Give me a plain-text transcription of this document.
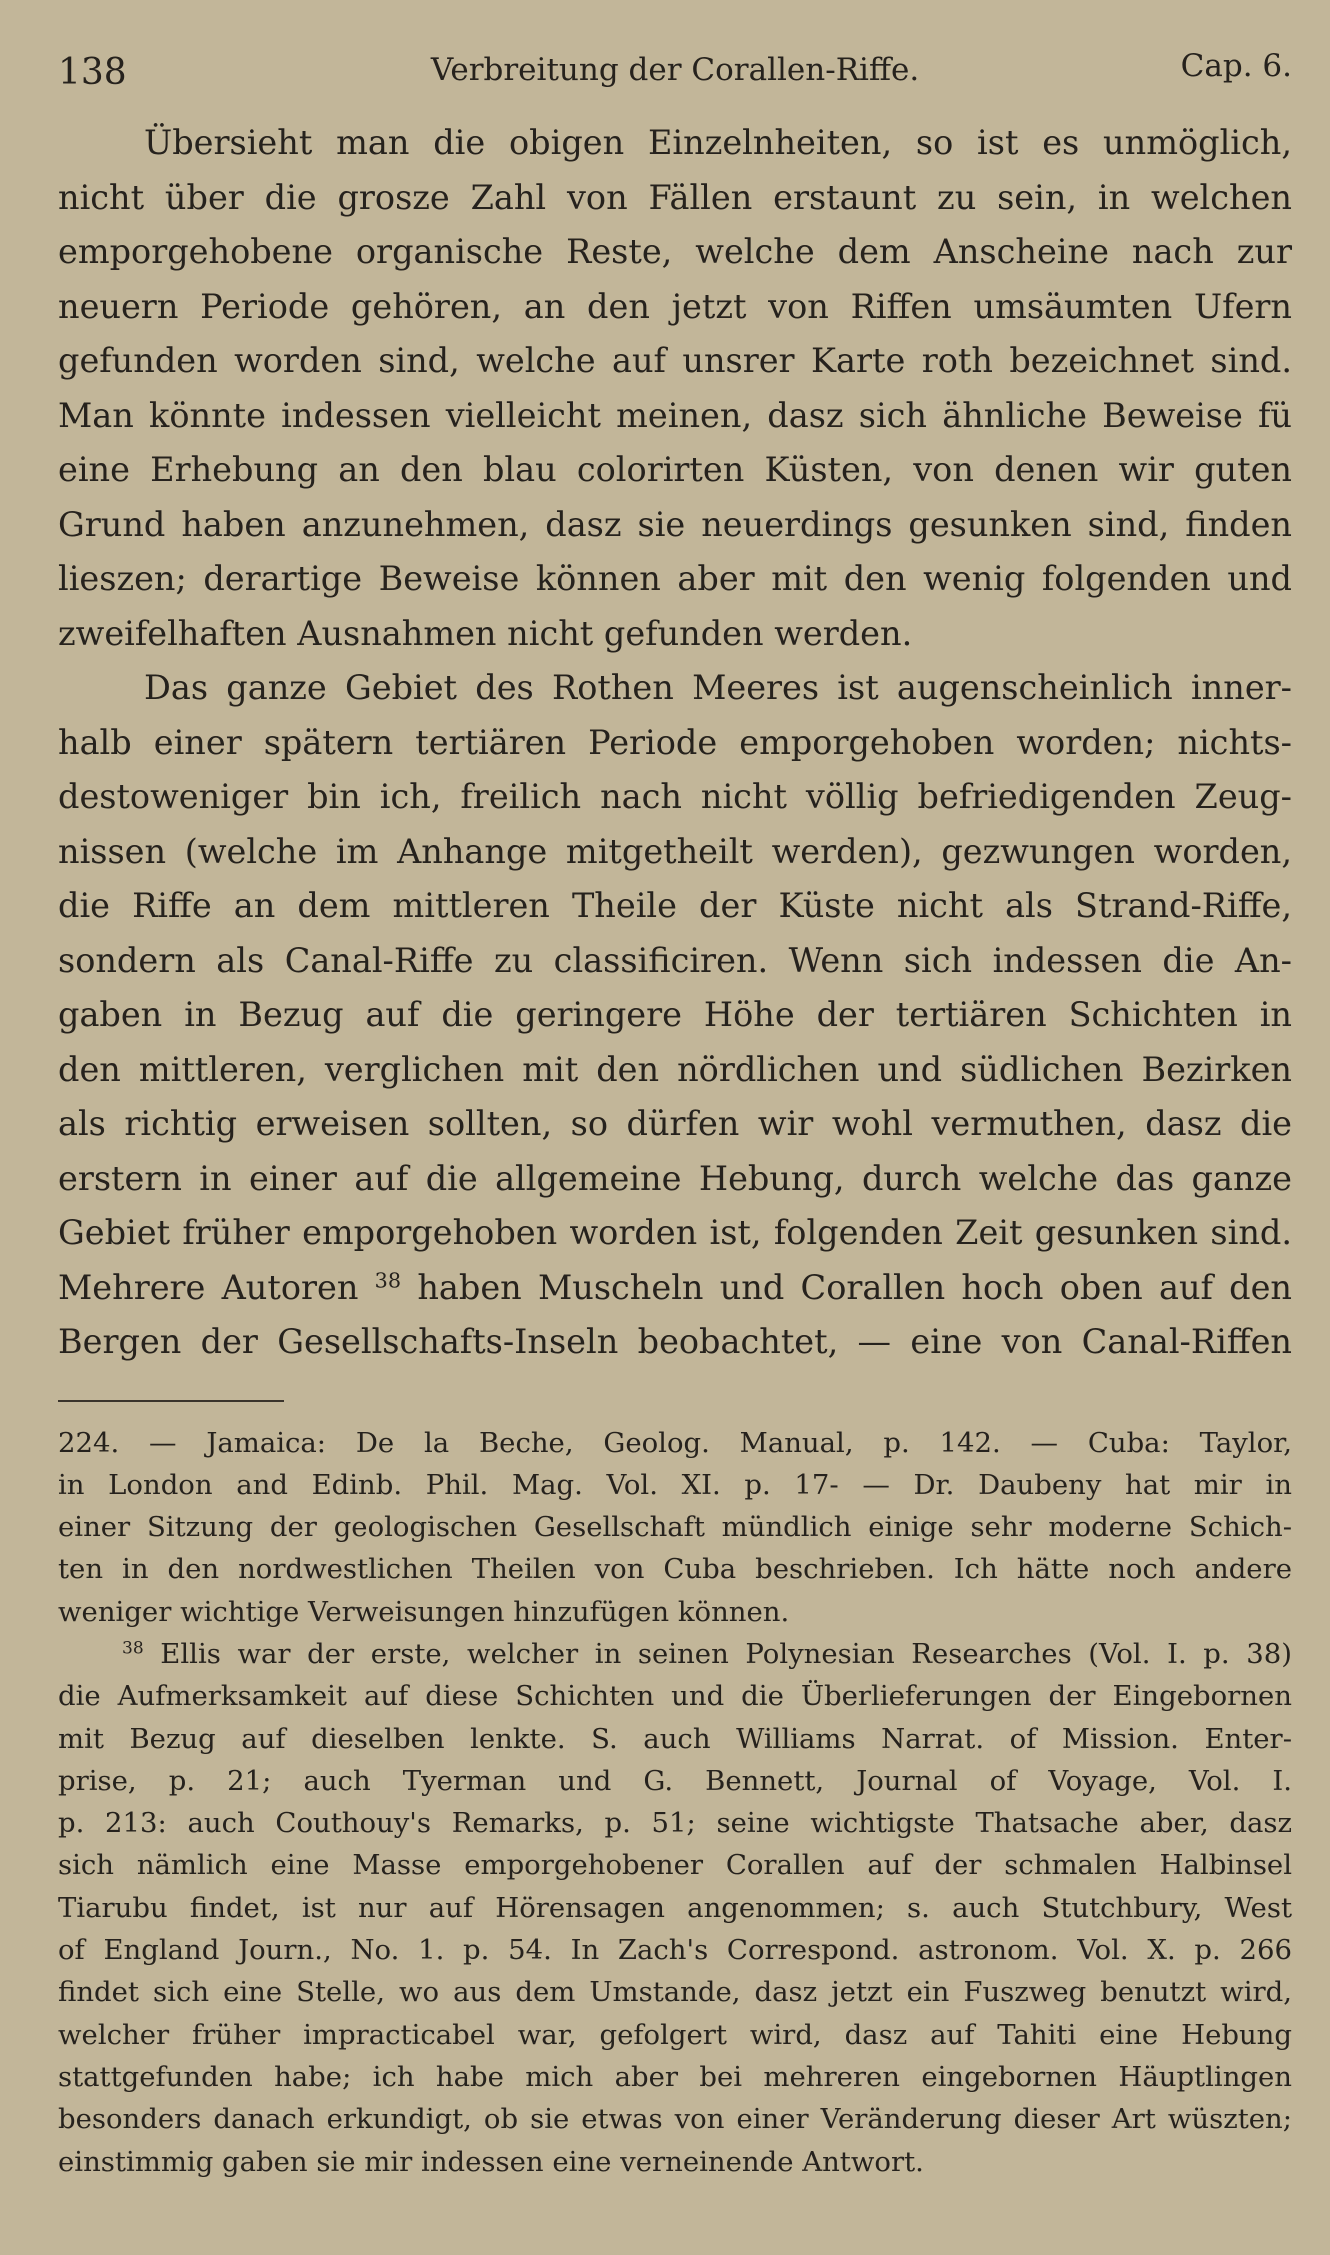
138	Verbreitung der Corallen-Riffe.	Cap. 6.

Übersieht man die obigen Einzelnheiten, so ist es unmöglich,

nicht über die grosze Zahl von Fällen erstaunt zu sein, in welchen

emporgehobene organische Reste, welche dem Anscheine nach zur

neuern Periode gehören, an den jetzt von Riffen umsäumten Ufern

gefunden worden sind, welche auf unsrer Karte roth bezeichnet sind.

Man könnte indessen vielleicht meinen, dasz sich ähnliche Beweise fü

eine Erhebung an den blau colorirten Küsten, von denen wir guten

Grund haben anzunehmen, dasz sie neuerdings gesunken sind, finden

lieszen; derartige Beweise können aber mit den wenig folgenden und

zweifelhaften Ausnahmen nicht gefunden werden.

Das ganze Gebiet des Rothen Meeres ist augenscheinlich inner-

halb einer spätern tertiären Periode emporgehoben worden; nichts-

destoweniger bin ich, freilich nach nicht völlig befriedigenden Zeug-

nissen (welche im Anhange mitgetheilt werden), gezwungen worden,

die Riffe an dem mittleren Theile der Küste nicht als Strand-Riffe,

sondern als Canal-Riffe zu classificiren. Wenn sich indessen die An-

gaben in Bezug auf die geringere Höhe der tertiären Schichten in

den mittleren, verglichen mit den nördlichen und südlichen Bezirken

als richtig erweisen sollten, so dürfen wir wohl vermuthen, dasz die

erstern in einer auf die allgemeine Hebung, durch welche das ganze

Gebiet früher emporgehoben worden ist, folgenden Zeit gesunken sind.

Mehrere Autoren $^{38}$ haben Muscheln und Corallen hoch oben auf den

Bergen der Gesellschafts-Inseln beobachtet, — eine von Canal-Riffen

224. — Jamaica: De la Beche, Geolog. Manual, p. 142. — Cuba: Taylor,

in London and Edinb. Phil. Mag. Vol. XI. p. 17- — Dr. Daubeny hat mir in

einer Sitzung der geologischen Gesellschaft mündlich einige sehr moderne Schich-

ten in den nordwestlichen Theilen von Cuba beschrieben. Ich hätte noch andere

weniger wichtige Verweisungen hinzufügen können.

$^{38}$ Ellis war der erste, welcher in seinen Polynesian Researches (Vol. I. p. 38)

die Aufmerksamkeit auf diese Schichten und die Überlieferungen der Eingebornen

mit Bezug auf dieselben lenkte. S. auch Williams Narrat. of Mission. Enter-

prise, p. 21; auch Tyerman und G. Bennett, Journal of Voyage, Vol. I.

p. 213: auch Couthouy's Remarks, p. 51; seine wichtigste Thatsache aber, dasz

sich nämlich eine Masse emporgehobener Corallen auf der schmalen Halbinsel

Tiarubu findet, ist nur auf Hörensagen angenommen; s. auch Stutchbury, West

of England Journ., No. 1. p. 54. In Zach's Correspond. astronom. Vol. X. p. 266

findet sich eine Stelle, wo aus dem Umstande, dasz jetzt ein Fuszweg benutzt wird,

welcher früher impracticabel war, gefolgert wird, dasz auf Tahiti eine Hebung

stattgefunden habe; ich habe mich aber bei mehreren eingebornen Häuptlingen

besonders danach erkundigt, ob sie etwas von einer Veränderung dieser Art wüszten;

einstimmig gaben sie mir indessen eine verneinende Antwort.
